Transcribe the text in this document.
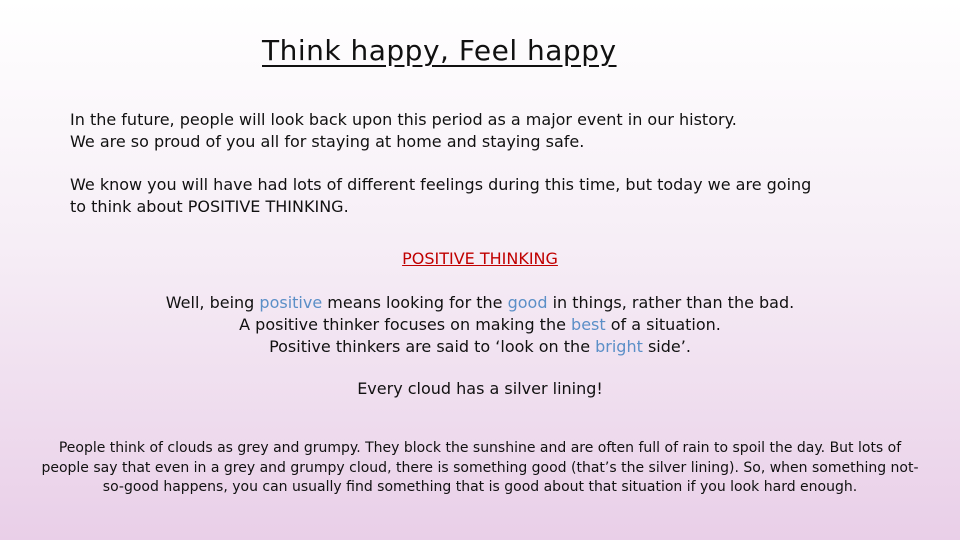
Think happy, Feel happy
In the future, people will look back upon this period as a major event in our history.
We are so proud of you all for staying at home and staying safe.
We know you will have had lots of different feelings during this time, but today we are going
to think about POSITIVE THINKING.
POSITIVE THINKING
Well, being positive means looking for the good in things, rather than the bad.
A positive thinker focuses on making the best of a situation.
Positive thinkers are said to ‘look on the bright side’.
Every cloud has a silver lining!
People think of clouds as grey and grumpy. They block the sunshine and are often full of rain to spoil the day. But lots of people say that even in a grey and grumpy cloud, there is something good (that’s the silver lining). So, when something not-so-good happens, you can usually find something that is good about that situation if you look hard enough.
